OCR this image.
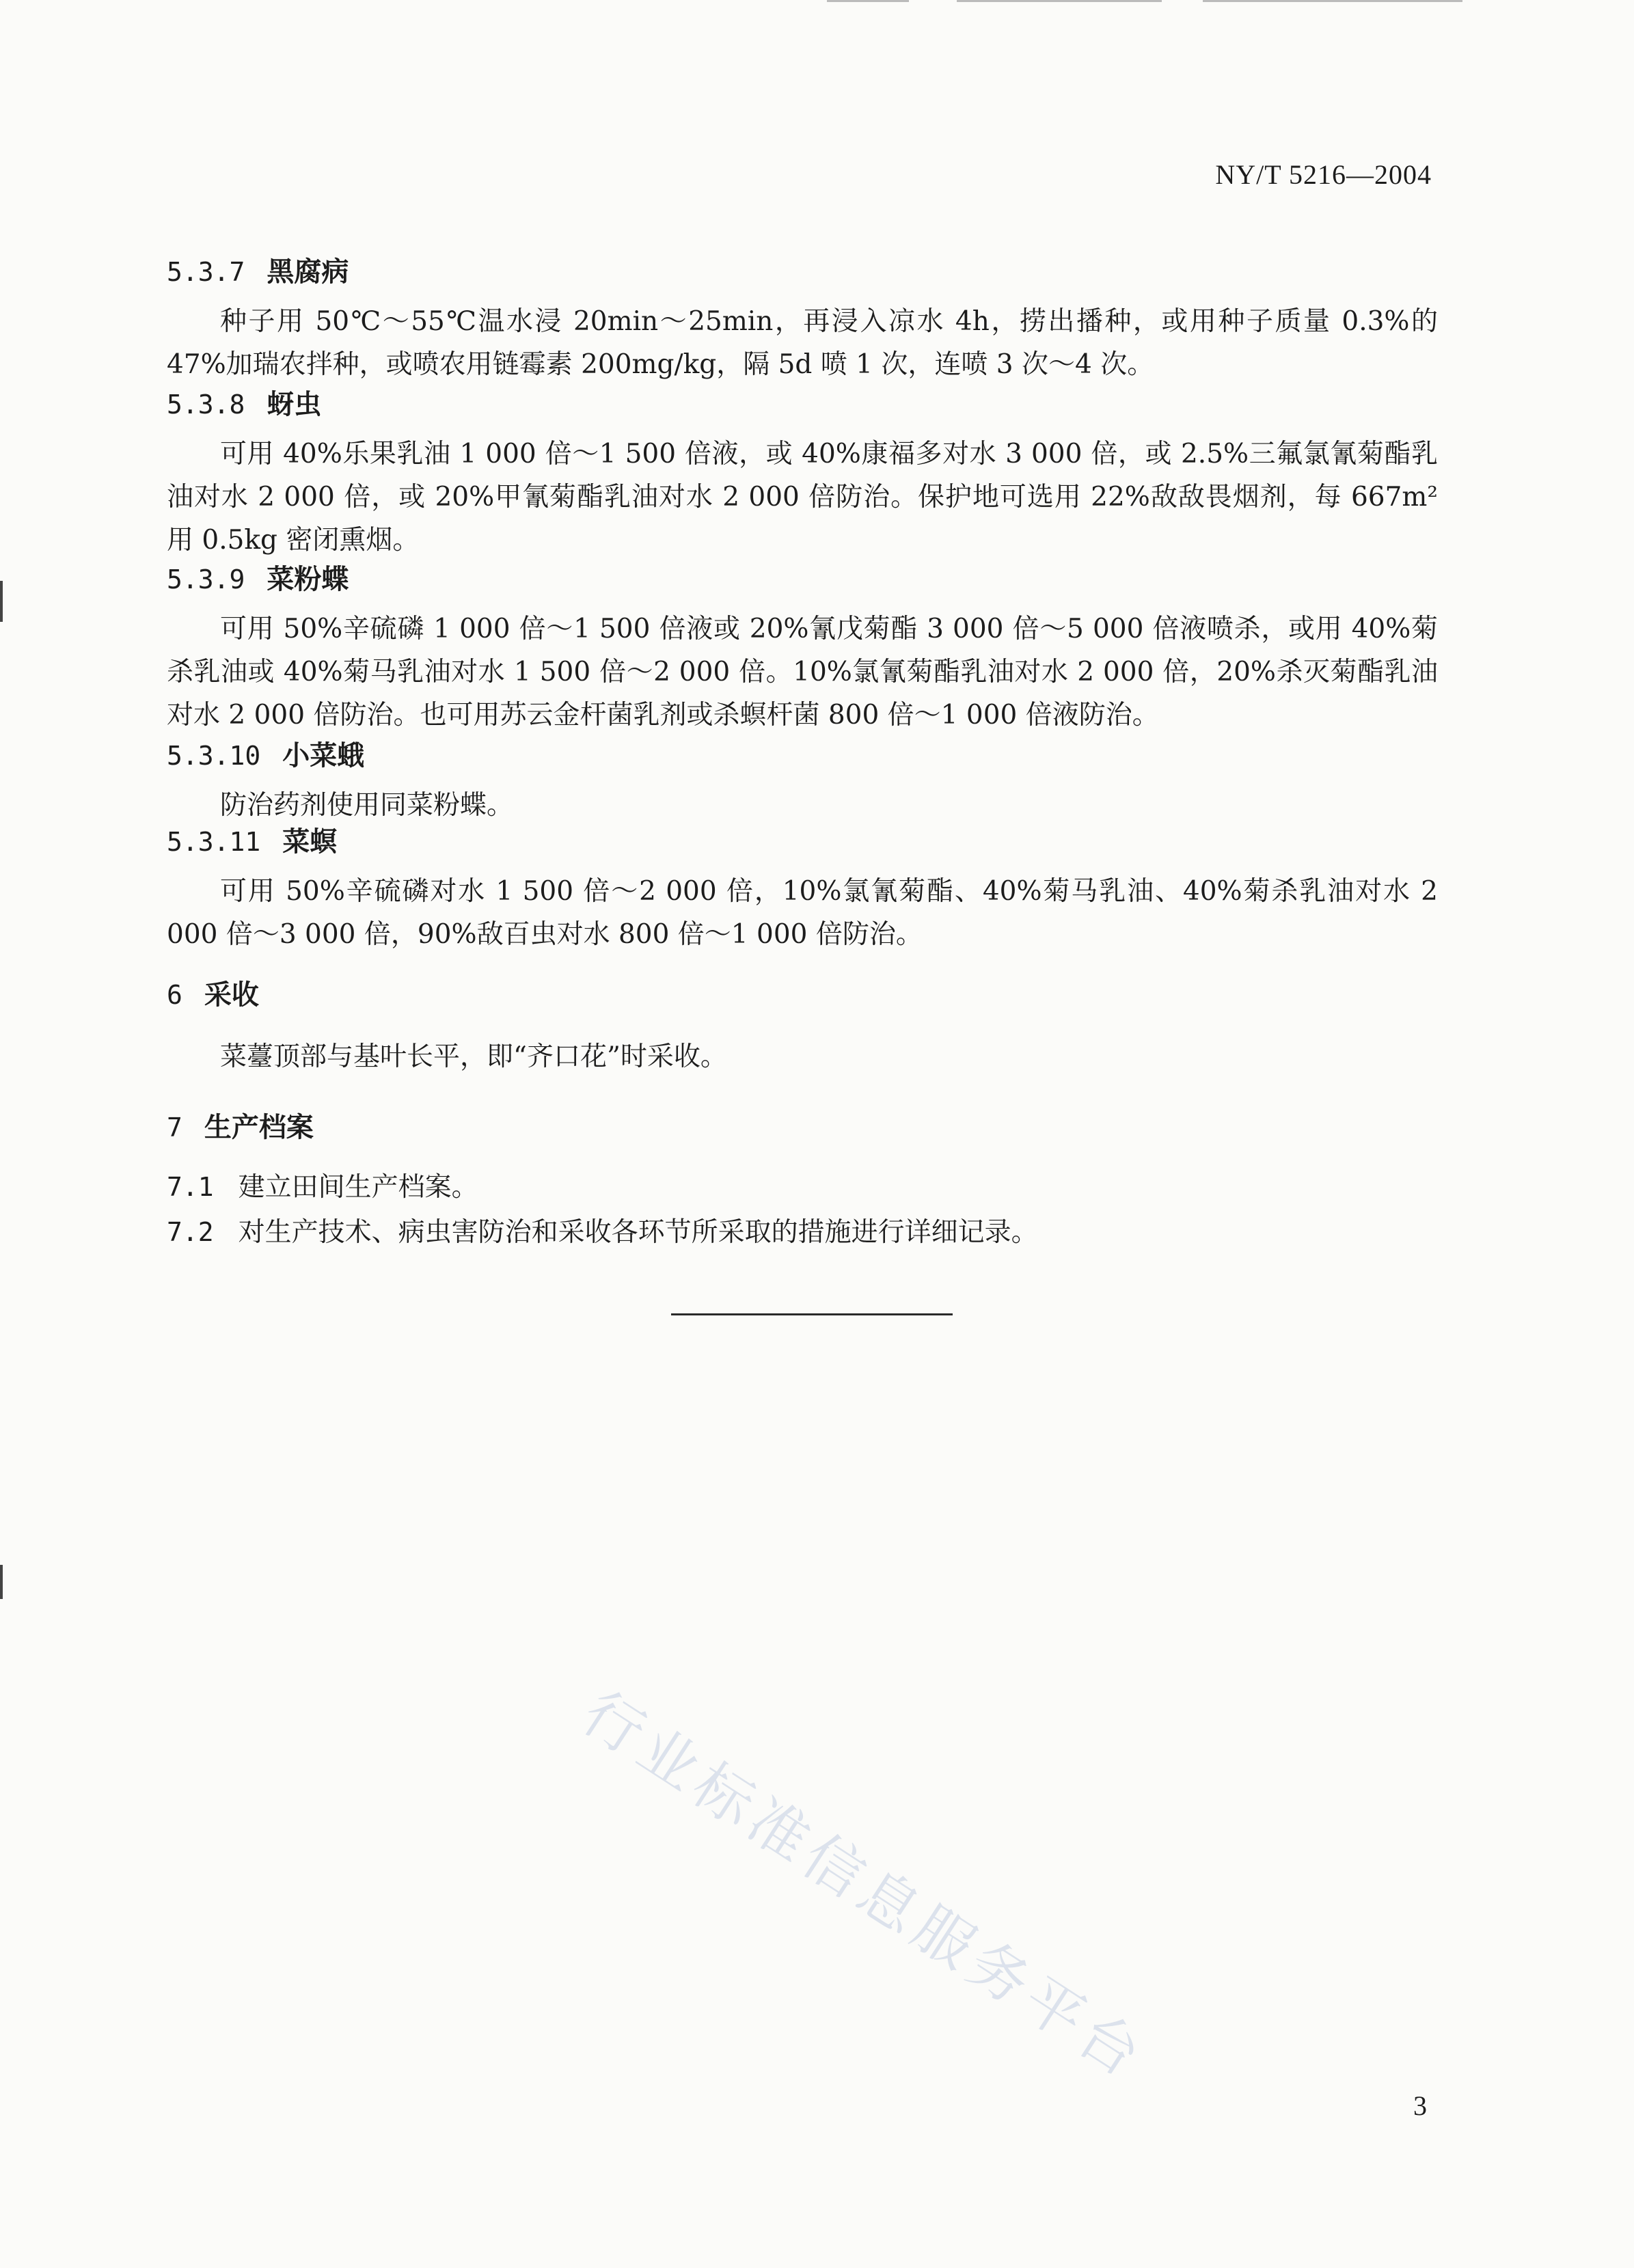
NY/T 5216—2004
5.3.7 黑腐病

种子用 50℃～55℃温水浸 20min～25min，再浸入凉水 4h，捞出播种，或用种子质量 0.3%的 47%加瑞农拌种，或喷农用链霉素 200mg/kg，隔 5d 喷 1 次，连喷 3 次～4 次。

5.3.8 蚜虫

可用 40%乐果乳油 1 000 倍～1 500 倍液，或 40%康福多对水 3 000 倍，或 2.5%三氟氯氰菊酯乳油对水 2 000 倍，或 20%甲氰菊酯乳油对水 2 000 倍防治。保护地可选用 22%敌敌畏烟剂，每 667m² 用 0.5kg 密闭熏烟。

5.3.9 菜粉蝶

可用 50%辛硫磷 1 000 倍～1 500 倍液或 20%氰戊菊酯 3 000 倍～5 000 倍液喷杀，或用 40%菊杀乳油或 40%菊马乳油对水 1 500 倍～2 000 倍。10%氯氰菊酯乳油对水 2 000 倍，20%杀灭菊酯乳油对水 2 000 倍防治。也可用苏云金杆菌乳剂或杀螟杆菌 800 倍～1 000 倍液防治。

5.3.10 小菜蛾

防治药剂使用同菜粉蝶。

5.3.11 菜螟

可用 50%辛硫磷对水 1 500 倍～2 000 倍，10%氯氰菊酯、40%菊马乳油、40%菊杀乳油对水 2 000 倍～3 000 倍，90%敌百虫对水 800 倍～1 000 倍防治。

6 采收

菜薹顶部与基叶长平，即“齐口花”时采收。

7 生产档案
7.1 建立田间生产档案。
7.2 对生产技术、病虫害防治和采收各环节所采取的措施进行详细记录。
行业标准信息服务平台
3
